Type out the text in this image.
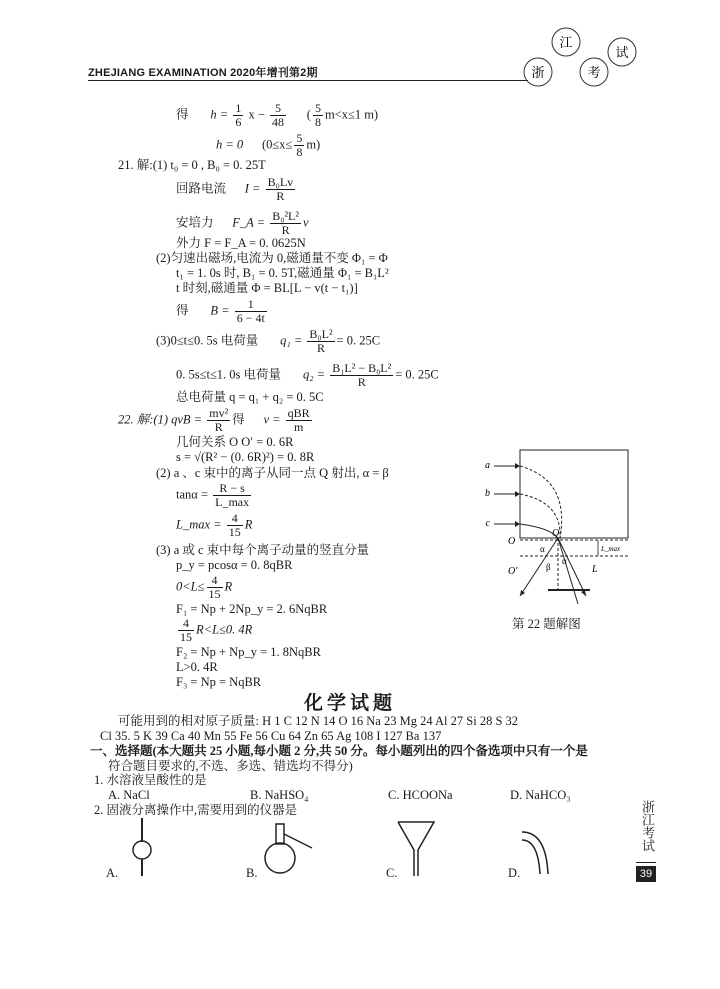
ZHEJIANG EXAMINATION 2020年增刊第2期	浙
江
考
试
得 $h = \frac{1}{6}$ $x - \frac{5}{48}$ ( $\frac{5}{8} m<x\le 1$ m)
h = 0 $(0\le x\le \frac{5}{8} m)$
21. 解:(1) t₀ = 0 , B₀ = 0. 25T
回路电流 $I = \frac{\text{B₀Lv}}{R}$
安培力 F_A = $\frac{\text{B₀²L²}}{R}$ v
外力 F = F_A = 0. 0625N
(2)匀速出磁场,电流为 0,磁通量不变 Φ₁ = Φ
t₁ = 1. 0s 时, B₁ = 0. 5T,磁通量 Φ₁ = B₁L²
t 时刻,磁通量 Φ = BL[L − v(t − t₁)]
得 $B = \frac{1}{6 - 4t}$
(3)0≤t≤0. 5s 电荷量 $q_1 = \frac{\text{B₀L²}}{R} = 0$. 25C
0. 5s≤t≤1. 0s 电荷量 $q_2 = \frac{\text{B₁L² − B₀L²}}{R} = 0$. 25C
总电荷量 q = q₁ + q₂ = 0. 5C
22. 解:(1) qvB = $\frac{\text{mv²}}{R}$ 得 $v = \frac{\text{qBR}}{m}$
几何关系 O O′ = 0. 6R
s = √(R² − (0. 6R)²) = 0. 8R
(2) a 、c 束中的离子从同一点 Q 射出, α = β
$\tan\alpha = \frac{R - s}{L\_\max}$
L_max = $\frac{4}{15}$ R
(3) a 或 c 束中每个离子动量的竖直分量
p_y = pcosα = 0. 8qBR
$0<L\le \frac{4}{15}$ R
F₁ = Np + 2Np_y = 2. 6NqBR
$\frac{4}{15} R<L\le 0$. 4R
F₂ = Np + Np_y = 1. 8NqBR
L>0. 4R
F₃ = Np = NqBR
a
b
c
O
O′
Q
α
β
α
L
L_max
第 22 题解图
化学试题
可能用到的相对原子质量: H 1 C 12 N 14 O 16 Na 23 Mg 24 Al 27 Si 28 S 32
Cl 35. 5 K 39 Ca 40 Mn 55 Fe 56 Cu 64 Zn 65 Ag 108 I 127 Ba 137
一、选择题(本大题共 25 小题,每小题 2 分,共 50 分。每小题列出的四个备选项中只有一个是
符合题目要求的,不选、多选、错选均不得分)
1. 水溶液呈酸性的是
A. NaCl	B. NaHSO₄	C. HCOONa	D. NaHCO₃
2. 固液分离操作中,需要用到的仪器是
A.	B.	C.	D.
浙江考试
39
